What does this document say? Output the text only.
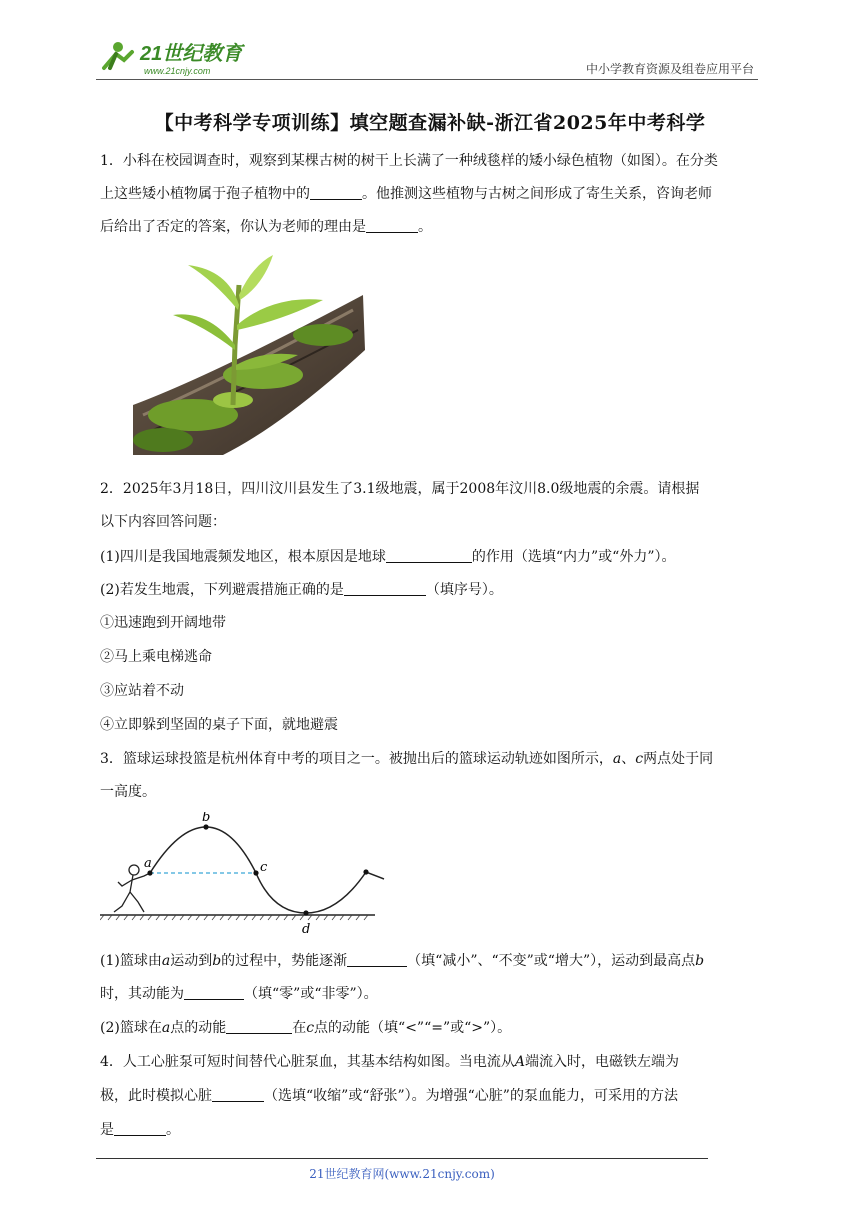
21世纪教育
www.21cnjy.com	中小学教育资源及组卷应用平台
【中考科学专项训练】填空题查漏补缺-浙江省2025年中考科学
1．小科在校园调查时，观察到某棵古树的树干上长满了一种绒毯样的矮小绿色植物（如图）。在分类
上这些矮小植物属于孢子植物中的	。他推测这些植物与古树之间形成了寄生关系，咨询老师
后给出了否定的答案，你认为老师的理由是	。
2．2025年3月18日，四川汶川县发生了3.1级地震，属于2008年汶川8.0级地震的余震。请根据
以下内容回答问题：
(1)四川是我国地震频发地区，根本原因是地球	的作用（选填“内力”或“外力”）。
(2)若发生地震，下列避震措施正确的是	（填序号）。
①迅速跑到开阔地带
②马上乘电梯逃命
③应站着不动
④立即躲到坚固的桌子下面，就地避震
3．篮球运球投篮是杭州体育中考的项目之一。被抛出后的篮球运动轨迹如图所示，a、c两点处于同
一高度。
a
b
c
d
(1)篮球由a运动到b的过程中，势能逐渐	（填“减小”、“不变”或“增大”），运动到最高点b
时，其动能为	（填“零”或“非零”）。
(2)篮球在a点的动能	在c点的动能（填“<”“=”或“>”）。
4．人工心脏泵可短时间替代心脏泵血，其基本结构如图。当电流从A端流入时，电磁铁左端为
极，此时模拟心脏	（选填“收缩”或“舒张”）。为增强“心脏”的泵血能力，可采用的方法
是	。
21世纪教育网(www.21cnjy.com)
